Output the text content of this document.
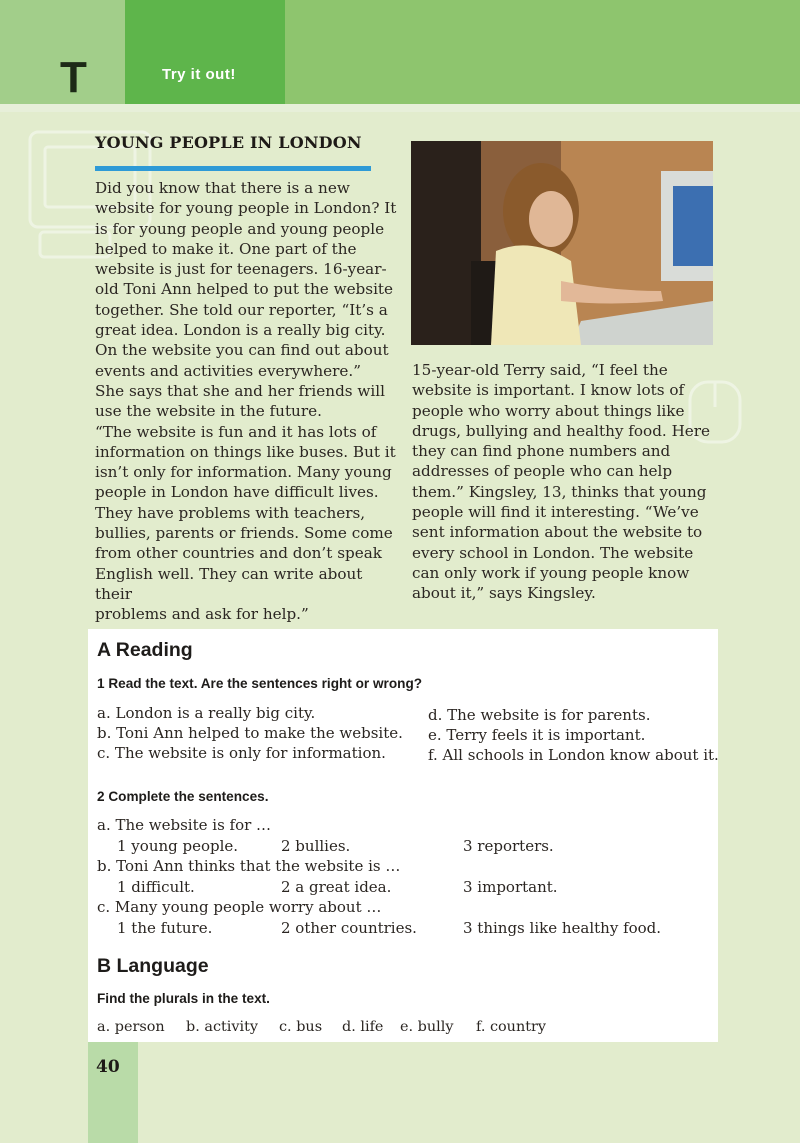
T	Try it out!
YOUNG PEOPLE IN LONDON

Did you know that there is a new

website for young people in London? It

is for young people and young people

helped to make it. One part of the

website is just for teenagers. 16-year-

old Toni Ann helped to put the website

together. She told our reporter, “It’s a

great idea. London is a really big city.

On the website you can find out about

events and activities everywhere.”

She says that she and her friends will

use the website in the future.

“The website is fun and it has lots of

information on things like buses. But it

isn’t only for information. Many young

people in London have difficult lives.

They have problems with teachers,

bullies, parents or friends. Some come

from other countries and don’t speak

English well. They can write about their

problems and ask for help.”

15-year-old Terry said, “I feel the

website is important. I know lots of

people who worry about things like

drugs, bullying and healthy food. Here

they can find phone numbers and

addresses of people who can help

them.” Kingsley, 13, thinks that young

people will find it interesting. “We’ve

sent information about the website to

every school in London. The website

can only work if young people know

about it,” says Kingsley.

A Reading
1 Read the text. Are the sentences right or wrong?
a. London is a really big city.
b. Toni Ann helped to make the website.
c. The website is only for information.
d. The website is for parents.
e. Terry feels it is important.
f. All schools in London know about it.
2 Complete the sentences.
a. The website is for …
1 young people.	2 bullies.	3 reporters.
b. Toni Ann thinks that the website is …
1 difficult.	2 a great idea.	3 important.
c. Many young people worry about …
1 the future.	2 other countries.	3 things like healthy food.
B Language
Find the plurals in the text.
a. person b. activity c. bus d. life e. bully f. country
40
